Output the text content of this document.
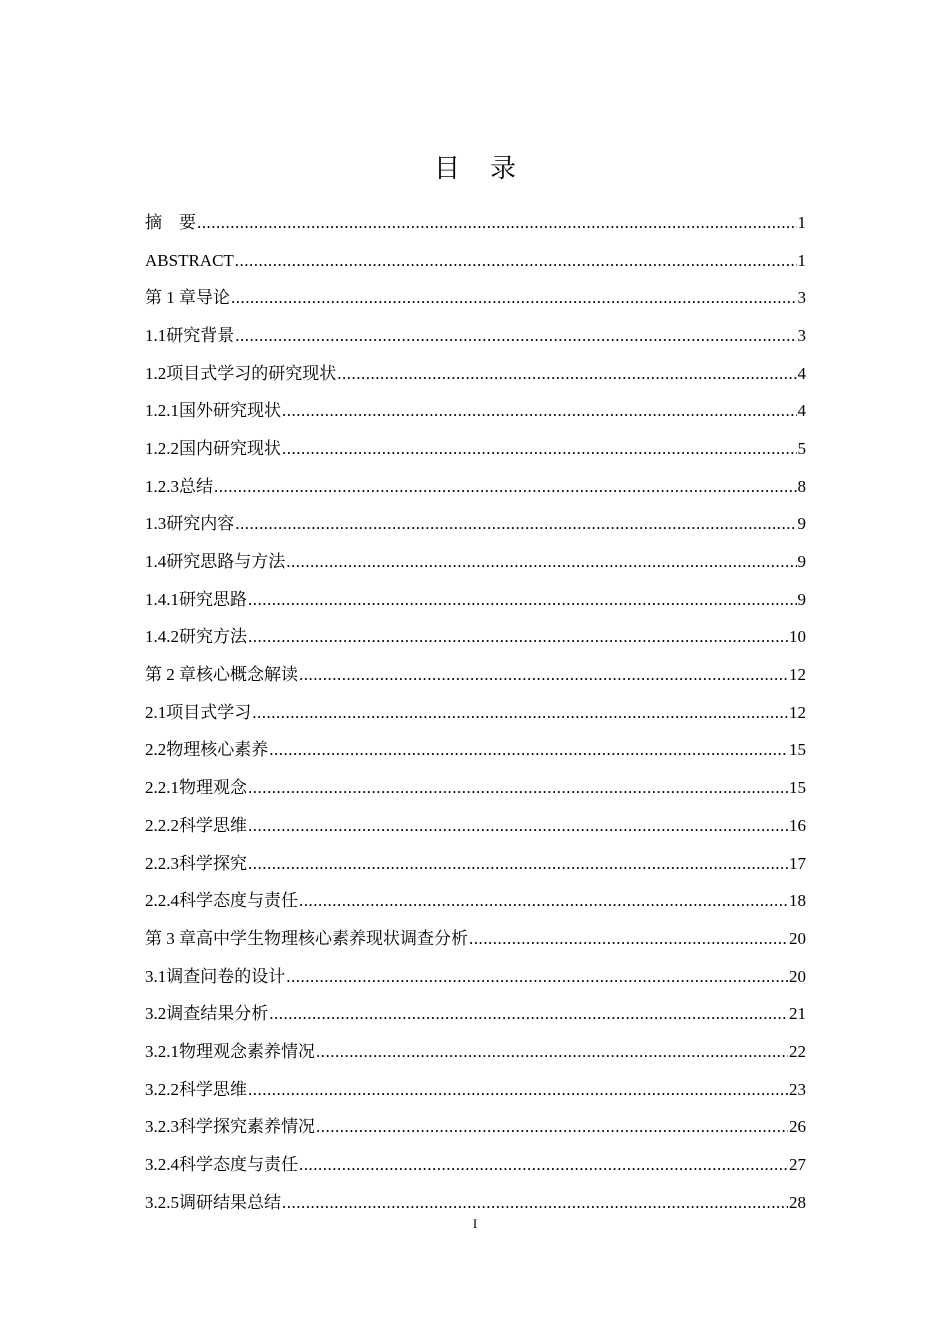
目 录
摘　要 .....	1
ABSTRACT .....	1
第 1 章 导论 .....	3
1.1 研究背景 .....	3
1.2 项目式学习的研究现状 .....	4
1.2.1 国外研究现状 .....	4
1.2.2 国内研究现状 .....	5
1.2.3 总结 .....	8
1.3 研究内容 .....	9
1.4 研究思路与方法 .....	9
1.4.1 研究思路 .....	9
1.4.2 研究方法 .....	10
第 2 章 核心概念解读 .....	12
2.1 项目式学习 .....	12
2.2 物理核心素养 .....	15
2.2.1 物理观念 .....	15
2.2.2 科学思维 .....	16
2.2.3 科学探究 .....	17
2.2.4 科学态度与责任 .....	18
第 3 章 高中学生物理核心素养现状调查分析 .....	20
3.1 调查问卷的设计 .....	20
3.2 调查结果分析 .....	21
3.2.1 物理观念素养情况 .....	22
3.2.2 科学思维 .....	23
3.2.3 科学探究素养情况 .....	26
3.2.4 科学态度与责任 .....	27
3.2.5 调研结果总结 .....	28
I
